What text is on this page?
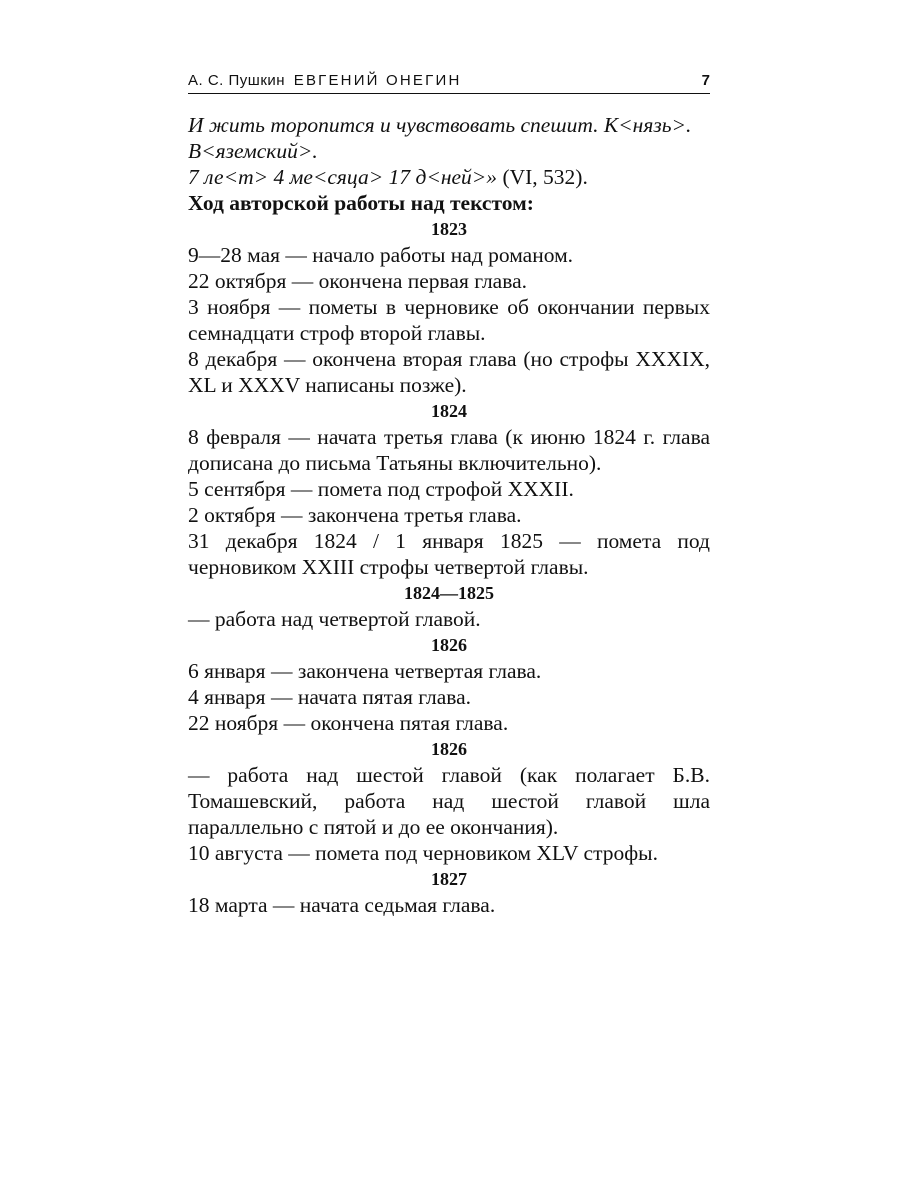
А. С. Пушкин ЕВГЕНИЙ ОНЕГИН	7

И жить торопится и чувствовать спешит. К<нязь>.

В<яземский>.

7 ле<т> 4 ме<сяца> 17 д<ней>» (VI, 532).

Ход авторской работы над текстом:

1823

9—28 мая — начало работы над романом.

22 октября — окончена первая глава.

3 ноября — пометы в черновике об окончании первых семнадцати строф второй главы.

8 декабря — окончена вторая глава (но строфы XXXIX, XL и XXXV написаны позже).

1824

8 февраля — начата третья глава (к июню 1824 г. глава дописана до письма Татьяны включительно).

5 сентября — помета под строфой XXXII.

2 октября — закончена третья глава.

31 декабря 1824 / 1 января 1825 — помета под черновиком XXIII строфы четвертой главы.

1824—1825

— работа над четвертой главой.

1826

6 января — закончена четвертая глава.

4 января — начата пятая глава.

22 ноября — окончена пятая глава.

1826

— работа над шестой главой (как полагает Б.В. Томашевский, работа над шестой главой шла параллельно с пятой и до ее окончания).

10 августа — помета под черновиком XLV строфы.

1827

18 марта — начата седьмая глава.
